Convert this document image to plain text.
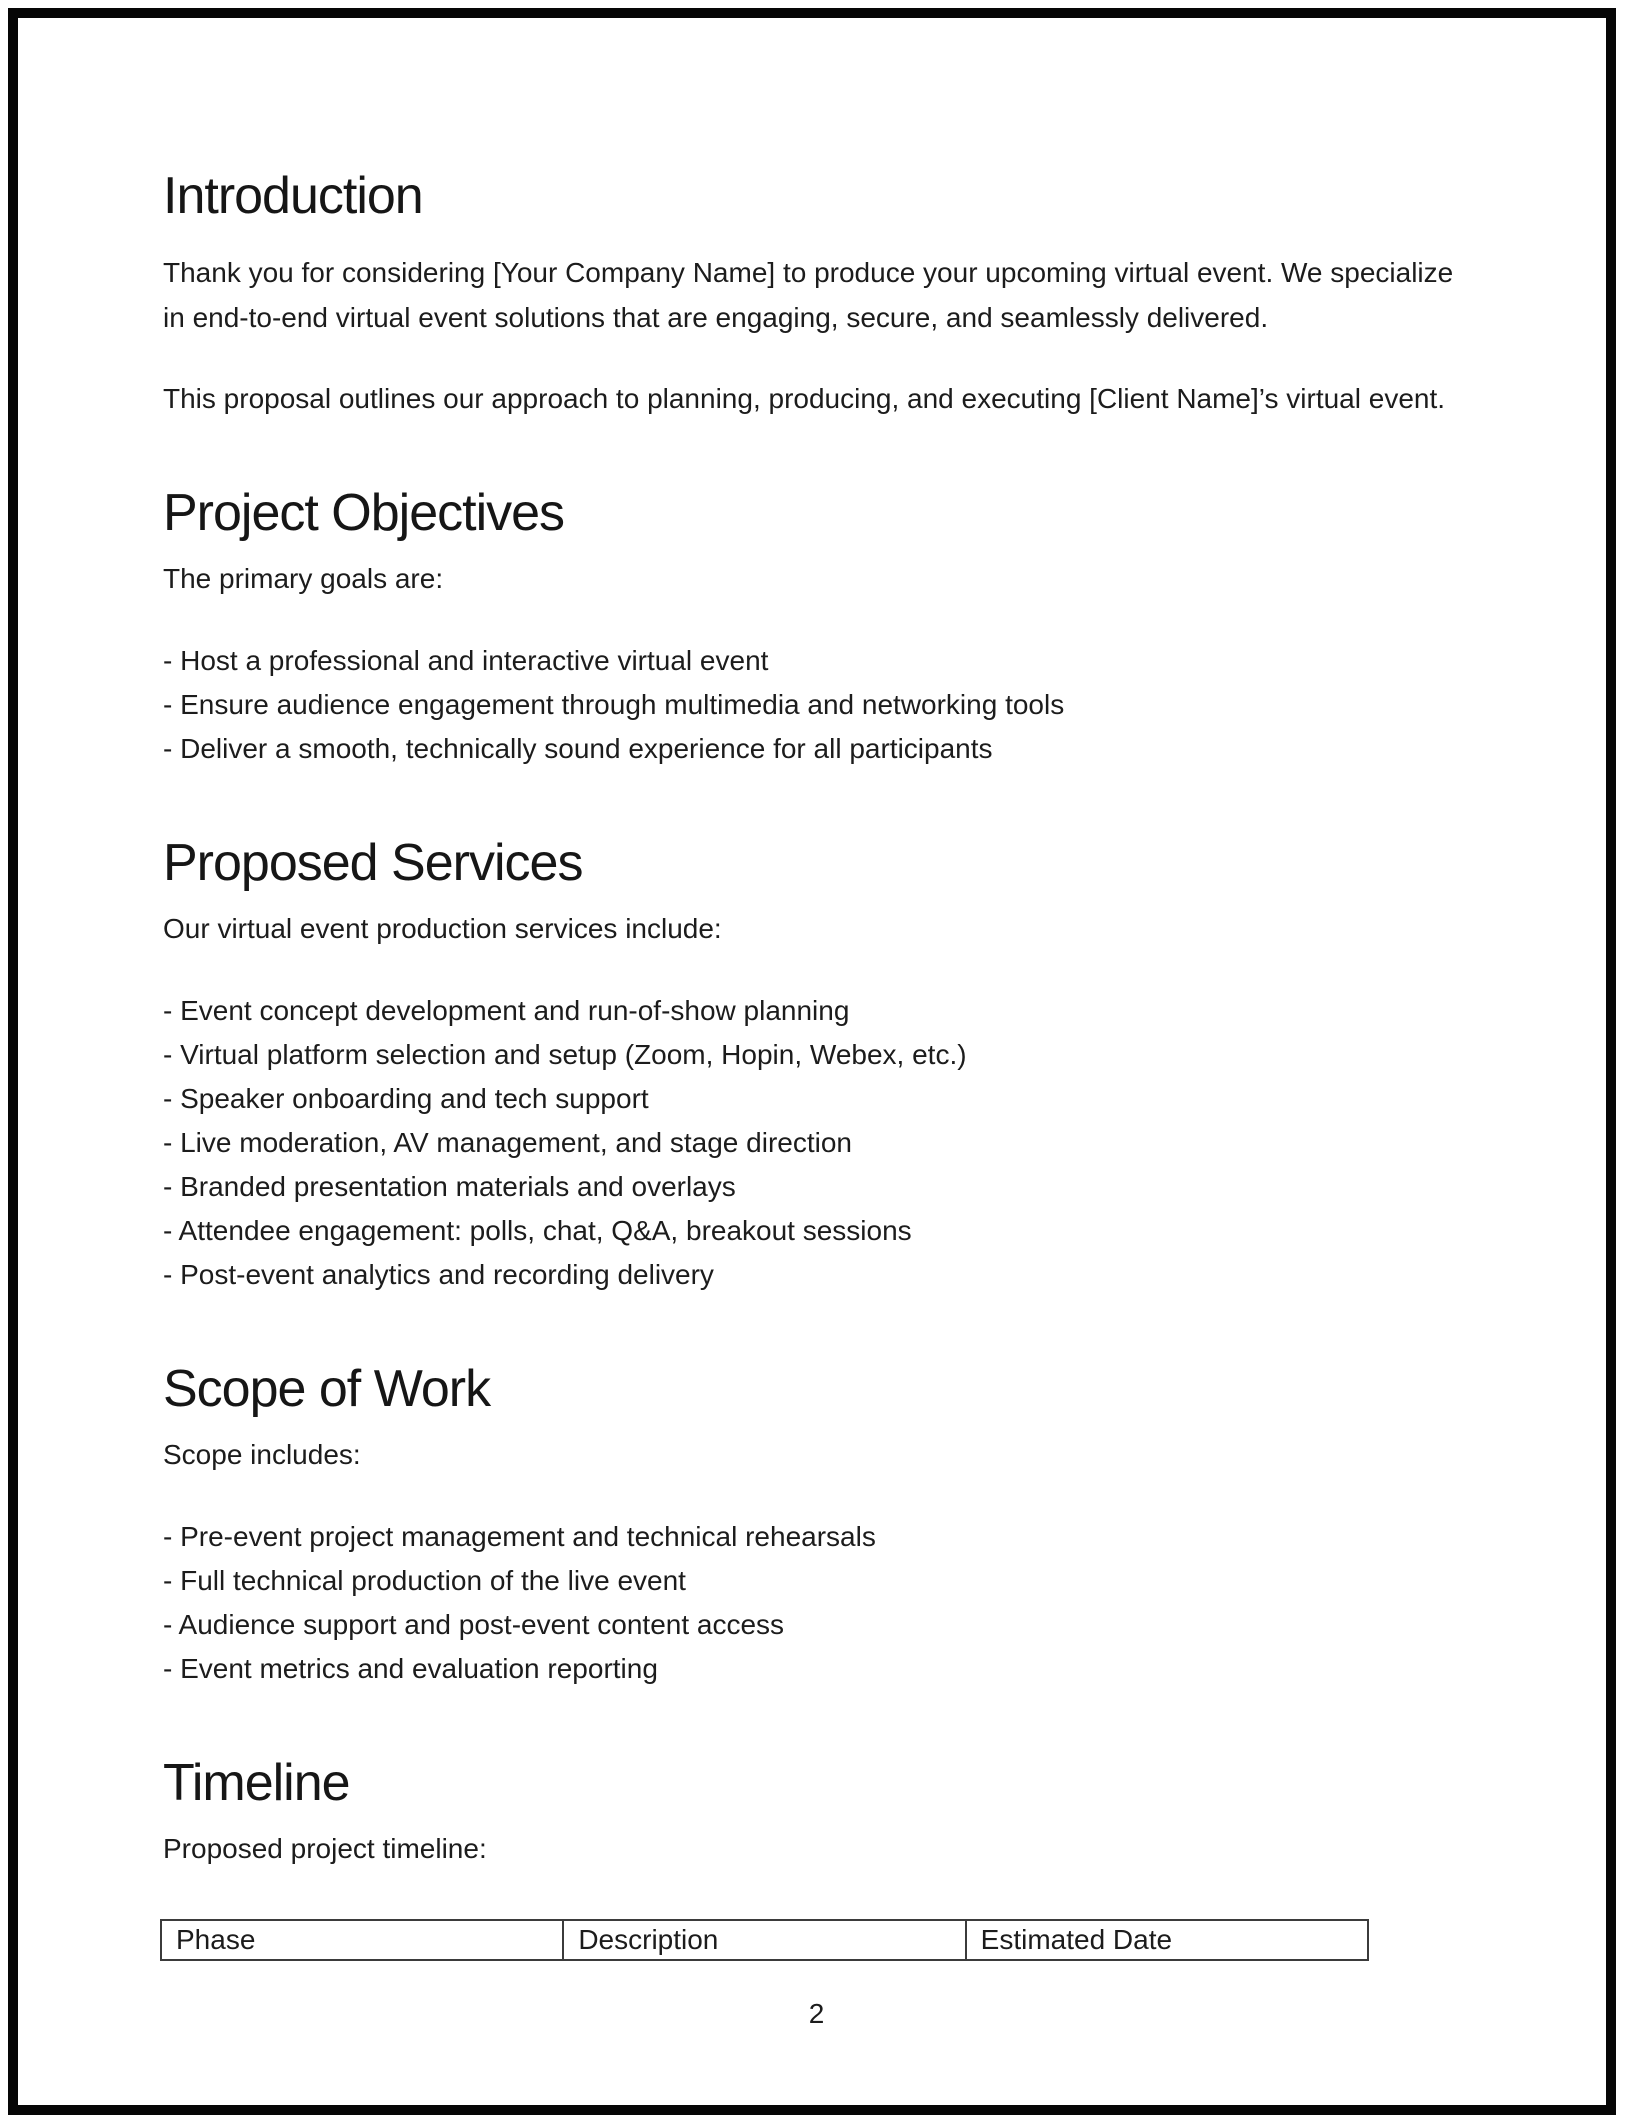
Introduction

Thank you for considering [Your Company Name] to produce your upcoming virtual event. We specialize
in end-to-end virtual event solutions that are engaging, secure, and seamlessly delivered.

This proposal outlines our approach to planning, producing, and executing [Client Name]’s virtual event.

Project Objectives

The primary goals are:

- Host a professional and interactive virtual event

- Ensure audience engagement through multimedia and networking tools

- Deliver a smooth, technically sound experience for all participants

Proposed Services

Our virtual event production services include:

- Event concept development and run-of-show planning

- Virtual platform selection and setup (Zoom, Hopin, Webex, etc.)

- Speaker onboarding and tech support

- Live moderation, AV management, and stage direction

- Branded presentation materials and overlays

- Attendee engagement: polls, chat, Q&A, breakout sessions

- Post-event analytics and recording delivery

Scope of Work

Scope includes:

- Pre-event project management and technical rehearsals

- Full technical production of the live event

- Audience support and post-event content access

- Event metrics and evaluation reporting

Timeline

Proposed project timeline:

Phase	Description	Estimated Date
2
